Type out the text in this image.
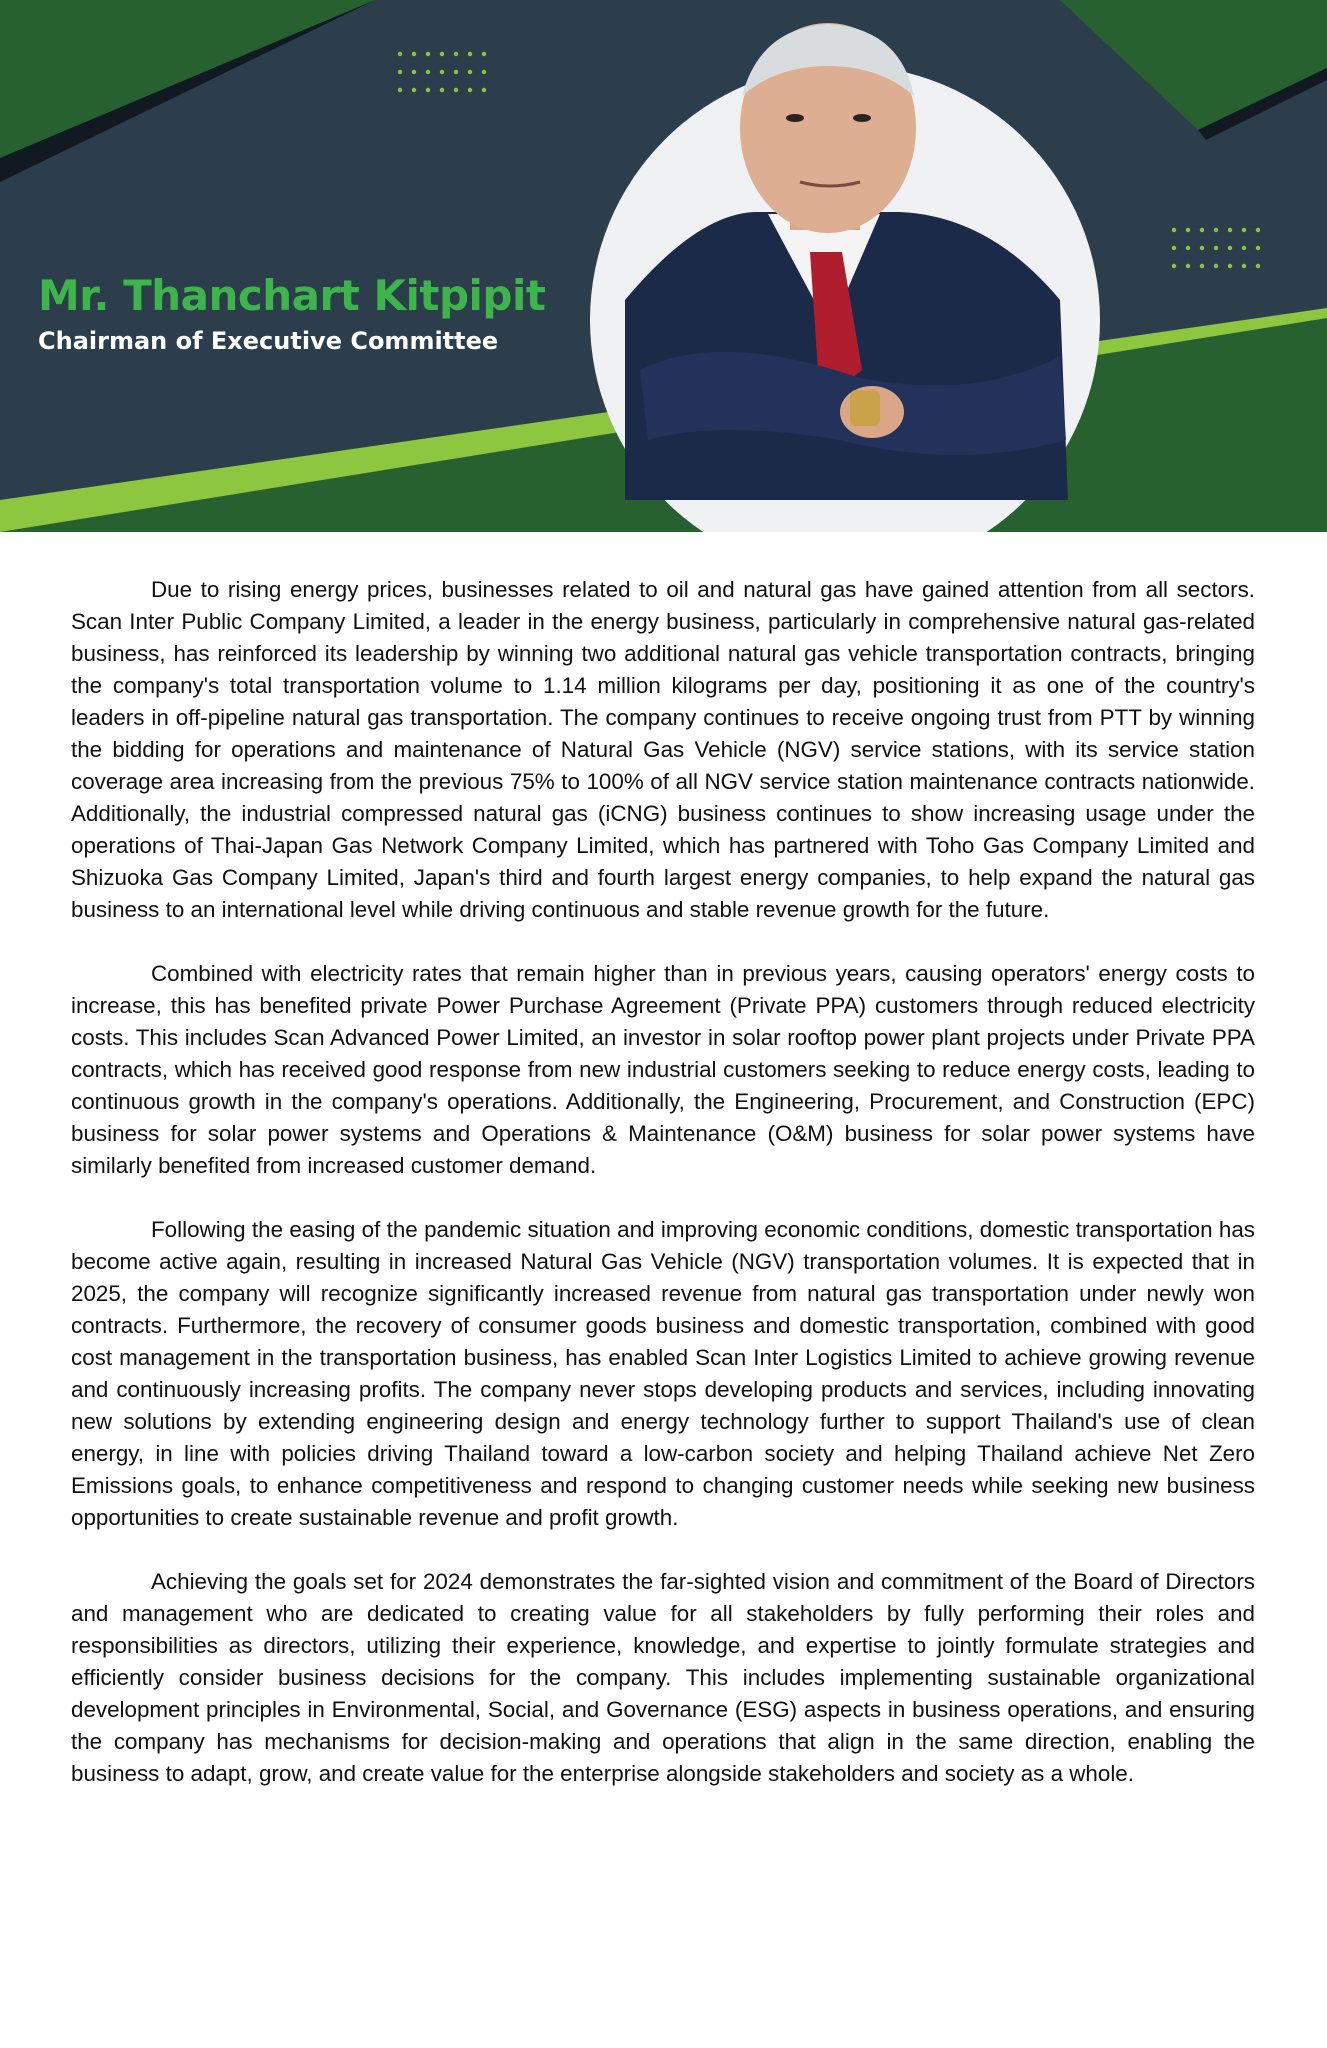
Mr. Thanchart Kitpipit
Chairman of Executive Committee

Due to rising energy prices, businesses related to oil and natural gas have gained attention from all sectors. Scan Inter Public Company Limited, a leader in the energy business, particularly in comprehensive natural gas-related business, has reinforced its leadership by winning two additional natural gas vehicle transportation contracts, bringing the company's total transportation volume to 1.14 million kilograms per day, positioning it as one of the country's leaders in off-pipeline natural gas transportation. The company continues to receive ongoing trust from PTT by winning the bidding for operations and maintenance of Natural Gas Vehicle (NGV) service stations, with its service station coverage area increasing from the previous 75% to 100% of all NGV service station maintenance contracts nationwide. Additionally, the industrial compressed natural gas (iCNG) business continues to show increasing usage under the operations of Thai-Japan Gas Network Company Limited, which has partnered with Toho Gas Company Limited and Shizuoka Gas Company Limited, Japan's third and fourth largest energy companies, to help expand the natural gas business to an international level while driving continuous and stable revenue growth for the future.

Combined with electricity rates that remain higher than in previous years, causing operators' energy costs to increase, this has benefited private Power Purchase Agreement (Private PPA) customers through reduced electricity costs. This includes Scan Advanced Power Limited, an investor in solar rooftop power plant projects under Private PPA contracts, which has received good response from new industrial customers seeking to reduce energy costs, leading to continuous growth in the company's operations. Additionally, the Engineering, Procurement, and Construction (EPC) business for solar power systems and Operations & Maintenance (O&M) business for solar power systems have similarly benefited from increased customer demand.

Following the easing of the pandemic situation and improving economic conditions, domestic transportation has become active again, resulting in increased Natural Gas Vehicle (NGV) transportation volumes. It is expected that in 2025, the company will recognize significantly increased revenue from natural gas transportation under newly won contracts. Furthermore, the recovery of consumer goods business and domestic transportation, combined with good cost management in the transportation business, has enabled Scan Inter Logistics Limited to achieve growing revenue and continuously increasing profits. The company never stops developing products and services, including innovating new solutions by extending engineering design and energy technology further to support Thailand's use of clean energy, in line with policies driving Thailand toward a low-carbon society and helping Thailand achieve Net Zero Emissions goals, to enhance competitiveness and respond to changing customer needs while seeking new business opportunities to create sustainable revenue and profit growth.

Achieving the goals set for 2024 demonstrates the far-sighted vision and commitment of the Board of Directors and management who are dedicated to creating value for all stakeholders by fully performing their roles and responsibilities as directors, utilizing their experience, knowledge, and expertise to jointly formulate strategies and efficiently consider business decisions for the company. This includes implementing sustainable organizational development principles in Environmental, Social, and Governance (ESG) aspects in business operations, and ensuring the company has mechanisms for decision-making and operations that align in the same direction, enabling the business to adapt, grow, and create value for the enterprise alongside stakeholders and society as a whole.
